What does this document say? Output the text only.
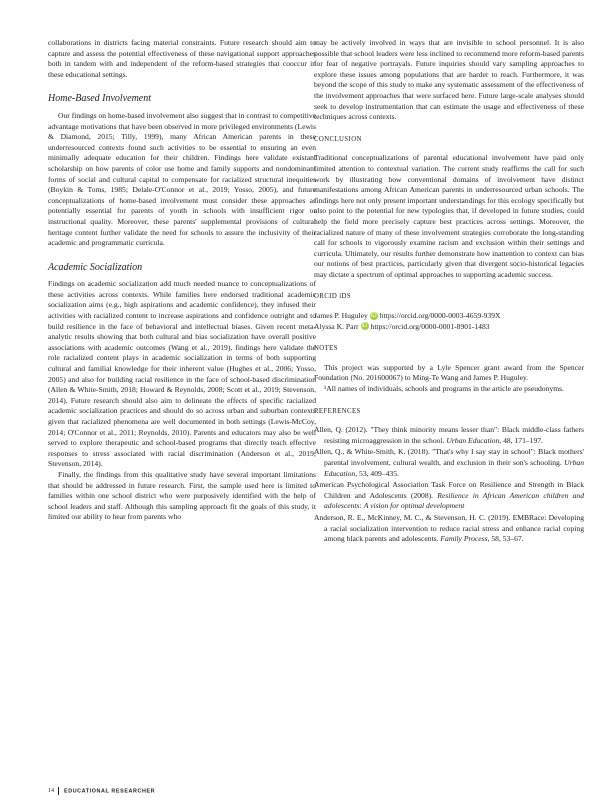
collaborations in districts facing material constraints. Future research should aim to capture and assess the potential effectiveness of these navigational support approaches both in tandem with and independent of the reform-based strategies that cooccur in these educational settings.

Home-Based Involvement

Our findings on home-based involvement also suggest that in contrast to competitive advantage motivations that have been observed in more privileged environments (Lewis & Diamond, 2015; Tilly, 1999), many African American parents in these underresourced contexts found such activities to be essential to ensuring an even minimally adequate education for their children. Findings here validate existant scholarship on how parents of color use home and family supports and nondominant forms of social and cultural capital to compensate for racialized structural inequities (Boykin & Toms, 1985; Delale-O'Connor et al., 2019; Yosso, 2005), and future conceptualizations of home-based involvement must consider these approaches as potentially essential for parents of youth in schools with insufficient rigor or instructional quality. Moreover, these parents' supplemental provisions of cultural heritage content further validate the need for schools to assure the inclusivity of their academic and programmatic curricula.

Academic Socialization

Findings on academic socialization add much needed nuance to conceptualizations of these activities across contexts. While families here endorsed traditional academic socialization aims (e.g., high aspirations and academic confidence), they infused their activities with racialized content to increase aspirations and confidence outright and to build resilience in the face of behavioral and intellectual biases. Given recent meta-analytic results showing that both cultural and bias socialization have overall positive associations with academic outcomes (Wang et al., 2019), findings here validate the role racialized content plays in academic socialization in terms of both supporting cultural and familial knowledge for their inherent value (Hughes et al., 2006; Yosso, 2005) and also for building racial resilience in the face of school-based discrimination (Allen & White-Smith, 2018; Howard & Reynolds, 2008; Scott et al., 2019; Stevenson, 2014). Future research should also aim to delineate the effects of specific racialized academic socialization practices and should do so across urban and suburban contexts given that racialized phenomena are well documented in both settings (Lewis-McCoy, 2014; O'Connor et al., 2011; Reynolds, 2010). Parents and educators may also be well served to explore therapeutic and school-based programs that directly teach effective responses to stress associated with racial discrimination (Anderson et al., 2019; Stevenson, 2014).

Finally, the findings from this qualitative study have several important limitations that should be addressed in future research. First, the sample used here is limited to families within one school district who were purposively identified with the help of school leaders and staff. Although this sampling approach fit the goals of this study, it limited our ability to hear from parents who

may be actively involved in ways that are invisible to school personnel. It is also possible that school leaders were less inclined to recommend more reform-based parents for fear of negative portrayals. Future inquiries should vary sampling approaches to explore these issues among populations that are harder to reach. Furthermore, it was beyond the scope of this study to make any systematic assessment of the effectiveness of the involvement approaches that were surfaced here. Future large-scale analyses should seek to develop instrumentation that can estimate the usage and effectiveness of these techniques across contexts.

CONCLUSION

Traditional conceptualizations of parental educational involvement have paid only limited attention to contextual variation. The current study reaffirms the call for such work by illustrating how conventional domains of involvement have distinct manifestations among African American parents in underresourced urban schools. The findings here not only present important understandings for this ecology specifically but also point to the potential for new typologies that, if developed in future studies, could help the field more precisely capture best practices across settings. Moreover, the racialized nature of many of these involvement strategies corroborate the long-standing call for schools to vigorously examine racism and exclusion within their settings and curricula. Ultimately, our results further demonstrate how inattention to context can bias our notions of best practices, particularly given that divergent socio-historical legacies may dictate a spectrum of optimal approaches to supporting academic success.

ORCID iDS

James P. Huguley iD https://orcid.org/0000-0003-4659-939X

Alyssa K. Parr iD https://orcid.org/0000-0001-8901-1483

NOTES

This project was supported by a Lyle Spencer grant award from the Spencer Foundation (No. 201600067) to Ming-Te Wang and James P. Huguley.

¹All names of individuals, schools and programs in the article are pseudonyms.

REFERENCES

Allen, Q. (2012). "They think minority means lesser than": Black middle-class fathers resisting microaggression in the school. Urban Education, 48, 171–197.

Allen, Q., & White-Smith, K. (2018). "That's why I say stay in school": Black mothers' parental involvement, cultural wealth, and exclusion in their son's schooling. Urban Education, 53, 409–435.

American Psychological Association Task Force on Resilience and Strength in Black Children and Adolescents (2008). Resilience in African American children and adolescents: A vision for optimal development

Anderson, R. E., McKinney, M. C., & Stevenson, H. C. (2019). EMBRace: Developing a racial socialization intervention to reduce racial stress and enhance racial coping among black parents and adolescents. Family Process, 58, 53–67.

14 EDUCATIONAL RESEARCHER
